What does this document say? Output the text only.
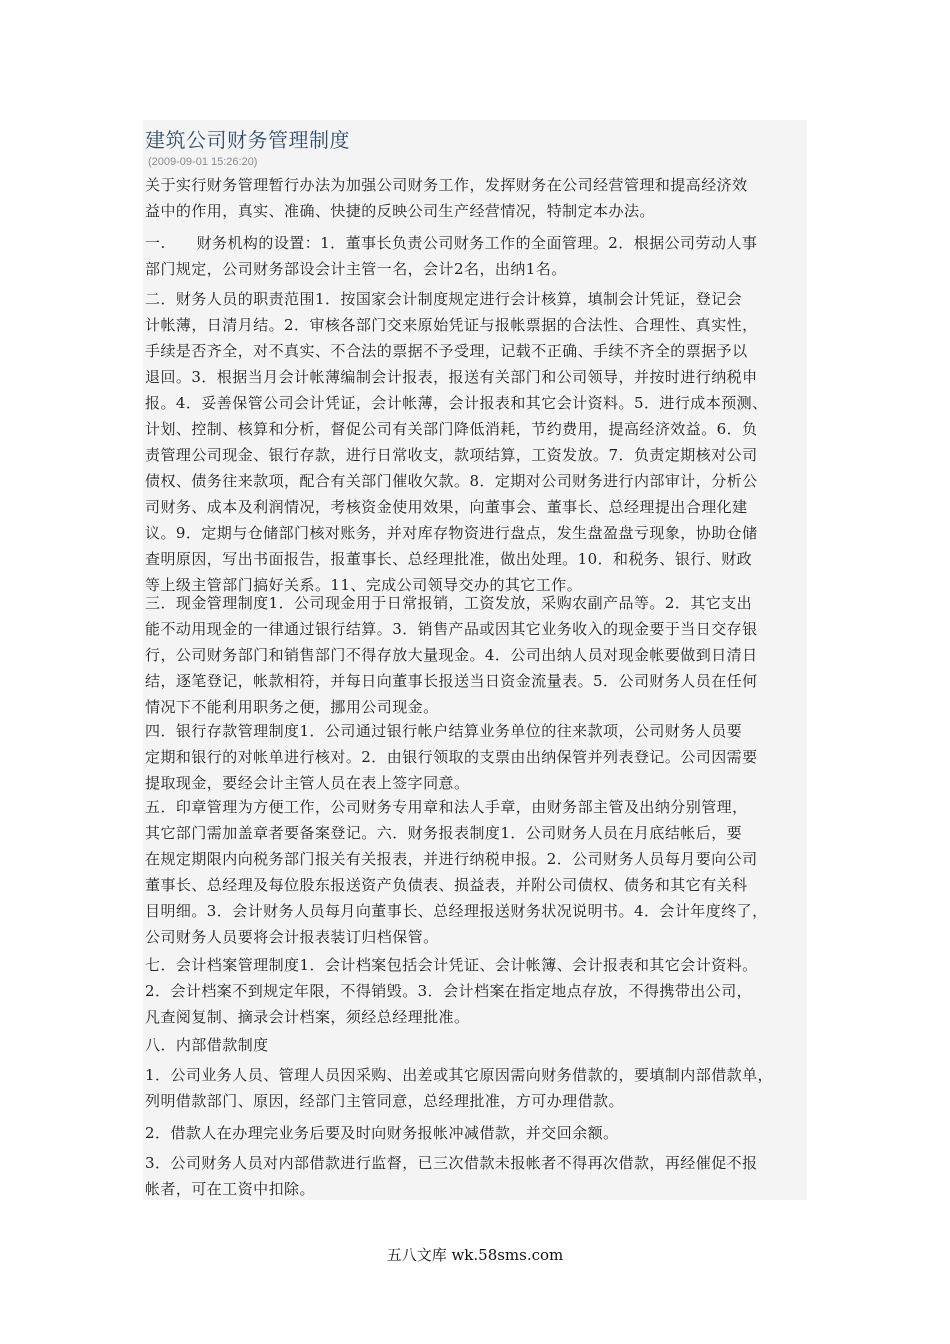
建筑公司财务管理制度
(2009-09-01 15:26:20)
关于实行财务管理暂行办法为加强公司财务工作，发挥财务在公司经营管理和提高经济效
益中的作用，真实、准确、快捷的反映公司生产经营情况，特制定本办法。
一.　　财务机构的设置：1．董事长负责公司财务工作的全面管理。2．根据公司劳动人事
部门规定，公司财务部设会计主管一名，会计2名，出纳1名。
二．财务人员的职责范围1．按国家会计制度规定进行会计核算，填制会计凭证，登记会
计帐薄，日清月结。2．审核各部门交来原始凭证与报帐票据的合法性、合理性、真实性，
手续是否齐全，对不真实、不合法的票据不予受理，记载不正确、手续不齐全的票据予以
退回。3．根据当月会计帐薄编制会计报表，报送有关部门和公司领导，并按时进行纳税申
报。4．妥善保管公司会计凭证，会计帐薄，会计报表和其它会计资料。5．进行成本预测、
计划、控制、核算和分析，督促公司有关部门降低消耗，节约费用，提高经济效益。6．负
责管理公司现金、银行存款，进行日常收支，款项结算，工资发放。7．负责定期核对公司
债权、债务往来款项，配合有关部门催收欠款。8．定期对公司财务进行内部审计，分析公
司财务、成本及利润情况，考核资金使用效果，向董事会、董事长、总经理提出合理化建
议。9．定期与仓储部门核对账务，并对库存物资进行盘点，发生盘盈盘亏现象，协助仓储
查明原因，写出书面报告，报董事长、总经理批准，做出处理。10．和税务、银行、财政
等上级主管部门搞好关系。11、完成公司领导交办的其它工作。
三．现金管理制度1．公司现金用于日常报销，工资发放，采购农副产品等。2．其它支出
能不动用现金的一律通过银行结算。3．销售产品或因其它业务收入的现金要于当日交存银
行，公司财务部门和销售部门不得存放大量现金。4．公司出纳人员对现金帐要做到日清日
结，逐笔登记，帐款相符，并每日向董事长报送当日资金流量表。5．公司财务人员在任何
情况下不能利用职务之便，挪用公司现金。
四．银行存款管理制度1．公司通过银行帐户结算业务单位的往来款项，公司财务人员要
定期和银行的对帐单进行核对。2．由银行领取的支票由出纳保管并列表登记。公司因需要
提取现金，要经会计主管人员在表上签字同意。
五．印章管理为方便工作，公司财务专用章和法人手章，由财务部主管及出纳分别管理，
其它部门需加盖章者要备案登记。六．财务报表制度1．公司财务人员在月底结帐后，要
在规定期限内向税务部门报关有关报表，并进行纳税申报。2．公司财务人员每月要向公司
董事长、总经理及每位股东报送资产负债表、损益表，并附公司债权、债务和其它有关科
目明细。3．会计财务人员每月向董事长、总经理报送财务状况说明书。4．会计年度终了，
公司财务人员要将会计报表装订归档保管。
七．会计档案管理制度1．会计档案包括会计凭证、会计帐簿、会计报表和其它会计资料。
2．会计档案不到规定年限，不得销毁。3．会计档案在指定地点存放，不得携带出公司，
凡查阅复制、摘录会计档案，须经总经理批准。
八．内部借款制度
1．公司业务人员、管理人员因采购、出差或其它原因需向财务借款的，要填制内部借款单，
列明借款部门、原因，经部门主管同意，总经理批准，方可办理借款。
2．借款人在办理完业务后要及时向财务报帐冲减借款，并交回余额。
3．公司财务人员对内部借款进行监督，已三次借款未报帐者不得再次借款，再经催促不报
帐者，可在工资中扣除。
五八文库 wk.58sms.com
